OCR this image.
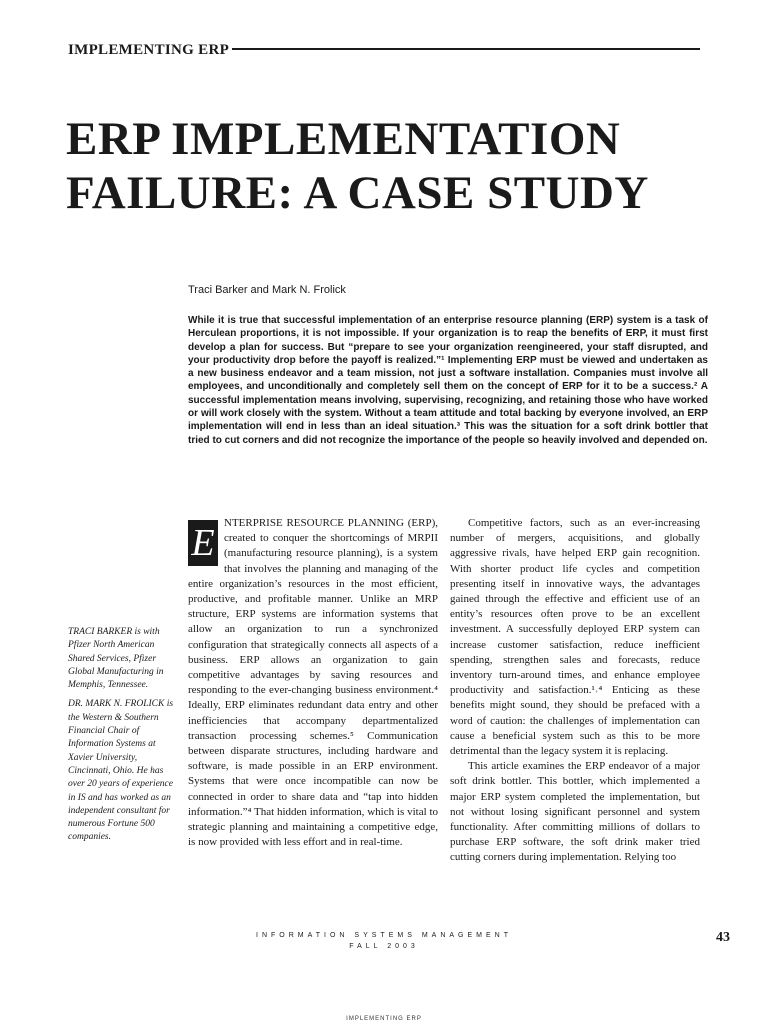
IMPLEMENTING ERP
ERP IMPLEMENTATION
FAILURE: A CASE STUDY
Traci Barker and Mark N. Frolick

While it is true that successful implementation of an enterprise resource planning (ERP) system is a task of Herculean proportions, it is not impossible. If your organization is to reap the benefits of ERP, it must first develop a plan for success. But “prepare to see your organization reengineered, your staff disrupted, and your productivity drop before the payoff is realized.”¹ Implementing ERP must be viewed and undertaken as a new business endeavor and a team mission, not just a software installation. Companies must involve all employees, and unconditionally and completely sell them on the concept of ERP for it to be a success.² A successful implementation means involving, supervising, recognizing, and retaining those who have worked or will work closely with the system. Without a team attitude and total backing by everyone involved, an ERP implementation will end in less than an ideal situation.³ This was the situation for a soft drink bottler that tried to cut corners and did not recognize the importance of the people so heavily involved and depended on.

TRACI BARKER is with Pfizer North American Shared Services, Pfizer Global Manufacturing in Memphis, Tennessee.

DR. MARK N. FROLICK is the Western & Southern Financial Chair of Information Systems at Xavier University, Cincinnati, Ohio. He has over 20 years of experience in IS and has worked as an independent consultant for numerous Fortune 500 companies.

E NTERPRISE RESOURCE PLANNING (ERP), created to conquer the shortcomings of MRPII (manufacturing resource planning), is a system that involves the planning and managing of the entire organization’s resources in the most efficient, productive, and profitable manner. Unlike an MRP structure, ERP systems are information systems that allow an organization to run a synchronized configuration that strategically connects all aspects of a business. ERP allows an organization to gain competitive advantages by saving resources and responding to the ever-changing business environment.⁴ Ideally, ERP eliminates redundant data entry and other inefficiencies that accompany departmentalized transaction processing schemes.⁵ Communication between disparate structures, including hardware and software, is made possible in an ERP environment. Systems that were once incompatible can now be connected in order to share data and “tap into hidden information.”⁴ That hidden information, which is vital to strategic planning and maintaining a competitive edge, is now provided with less effort and in real-time.

Competitive factors, such as an ever-increasing number of mergers, acquisitions, and globally aggressive rivals, have helped ERP gain recognition. With shorter product life cycles and competition presenting itself in innovative ways, the advantages gained through the effective and efficient use of an entity’s resources often prove to be an excellent investment. A successfully deployed ERP system can increase customer satisfaction, reduce inefficient spending, strengthen sales and forecasts, reduce inventory turn-around times, and enhance employee productivity and satisfaction.¹˒⁴ Enticing as these benefits might sound, they should be prefaced with a word of caution: the challenges of implementation can cause a beneficial system such as this to be more detrimental than the legacy system it is replacing.

This article examines the ERP endeavor of a major soft drink bottler. This bottler, which implemented a major ERP system completed the implementation, but not without losing significant personnel and system functionality. After committing millions of dollars to purchase ERP software, the soft drink maker tried cutting corners during implementation. Relying too

INFORMATION SYSTEMS MANAGEMENT
FALL 2003
43
IMPLEMENTING ERP
